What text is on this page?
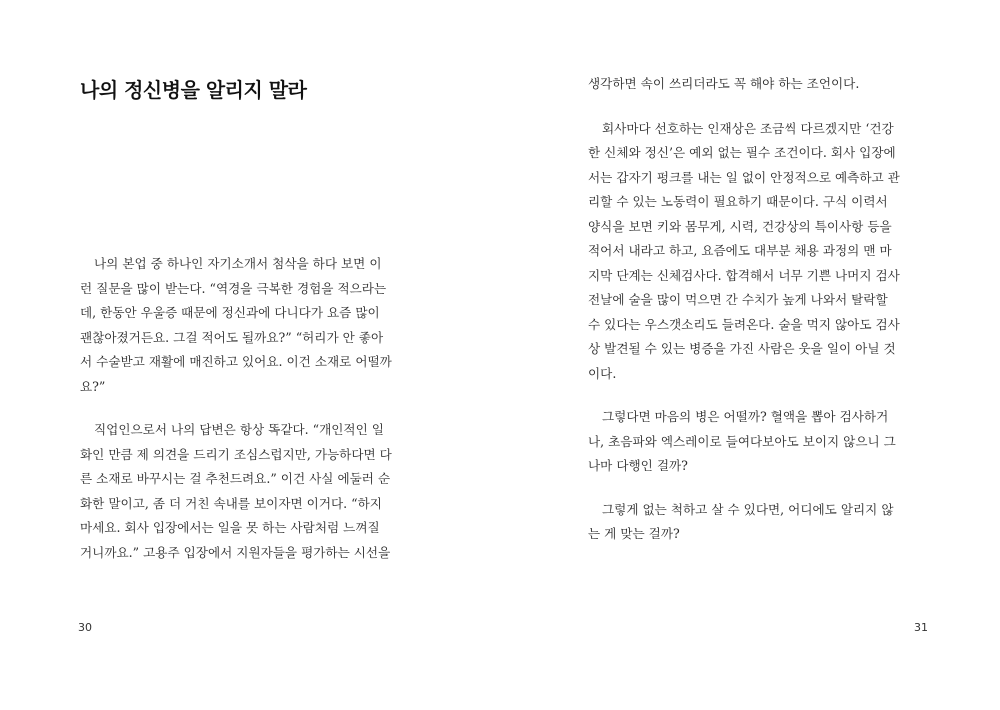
나의 정신병을 알리지 말라

나의 본업 중 하나인 자기소개서 첨삭을 하다 보면 이
런 질문을 많이 받는다. “역경을 극복한 경험을 적으라는
데, 한동안 우울증 때문에 정신과에 다니다가 요즘 많이
괜찮아졌거든요. 그걸 적어도 될까요?” “허리가 안 좋아
서 수술받고 재활에 매진하고 있어요. 이건 소재로 어떨까
요?”

직업인으로서 나의 답변은 항상 똑같다. “개인적인 일
화인 만큼 제 의견을 드리기 조심스럽지만, 가능하다면 다
른 소재로 바꾸시는 걸 추천드려요.” 이건 사실 에둘러 순
화한 말이고, 좀 더 거친 속내를 보이자면 이거다. “하지
마세요. 회사 입장에서는 일을 못 하는 사람처럼 느껴질
거니까요.” 고용주 입장에서 지원자들을 평가하는 시선을

30

생각하면 속이 쓰리더라도 꼭 해야 하는 조언이다.

회사마다 선호하는 인재상은 조금씩 다르겠지만 ‘건강
한 신체와 정신’은 예외 없는 필수 조건이다. 회사 입장에
서는 갑자기 펑크를 내는 일 없이 안정적으로 예측하고 관
리할 수 있는 노동력이 필요하기 때문이다. 구식 이력서
양식을 보면 키와 몸무게, 시력, 건강상의 특이사항 등을
적어서 내라고 하고, 요즘에도 대부분 채용 과정의 맨 마
지막 단계는 신체검사다. 합격해서 너무 기쁜 나머지 검사
전날에 술을 많이 먹으면 간 수치가 높게 나와서 탈락할
수 있다는 우스갯소리도 들려온다. 술을 먹지 않아도 검사
상 발견될 수 있는 병증을 가진 사람은 웃을 일이 아닐 것
이다.

그렇다면 마음의 병은 어떨까? 혈액을 뽑아 검사하거
나, 초음파와 엑스레이로 들여다보아도 보이지 않으니 그
나마 다행인 걸까?

그렇게 없는 척하고 살 수 있다면, 어디에도 알리지 않
는 게 맞는 걸까?

31
